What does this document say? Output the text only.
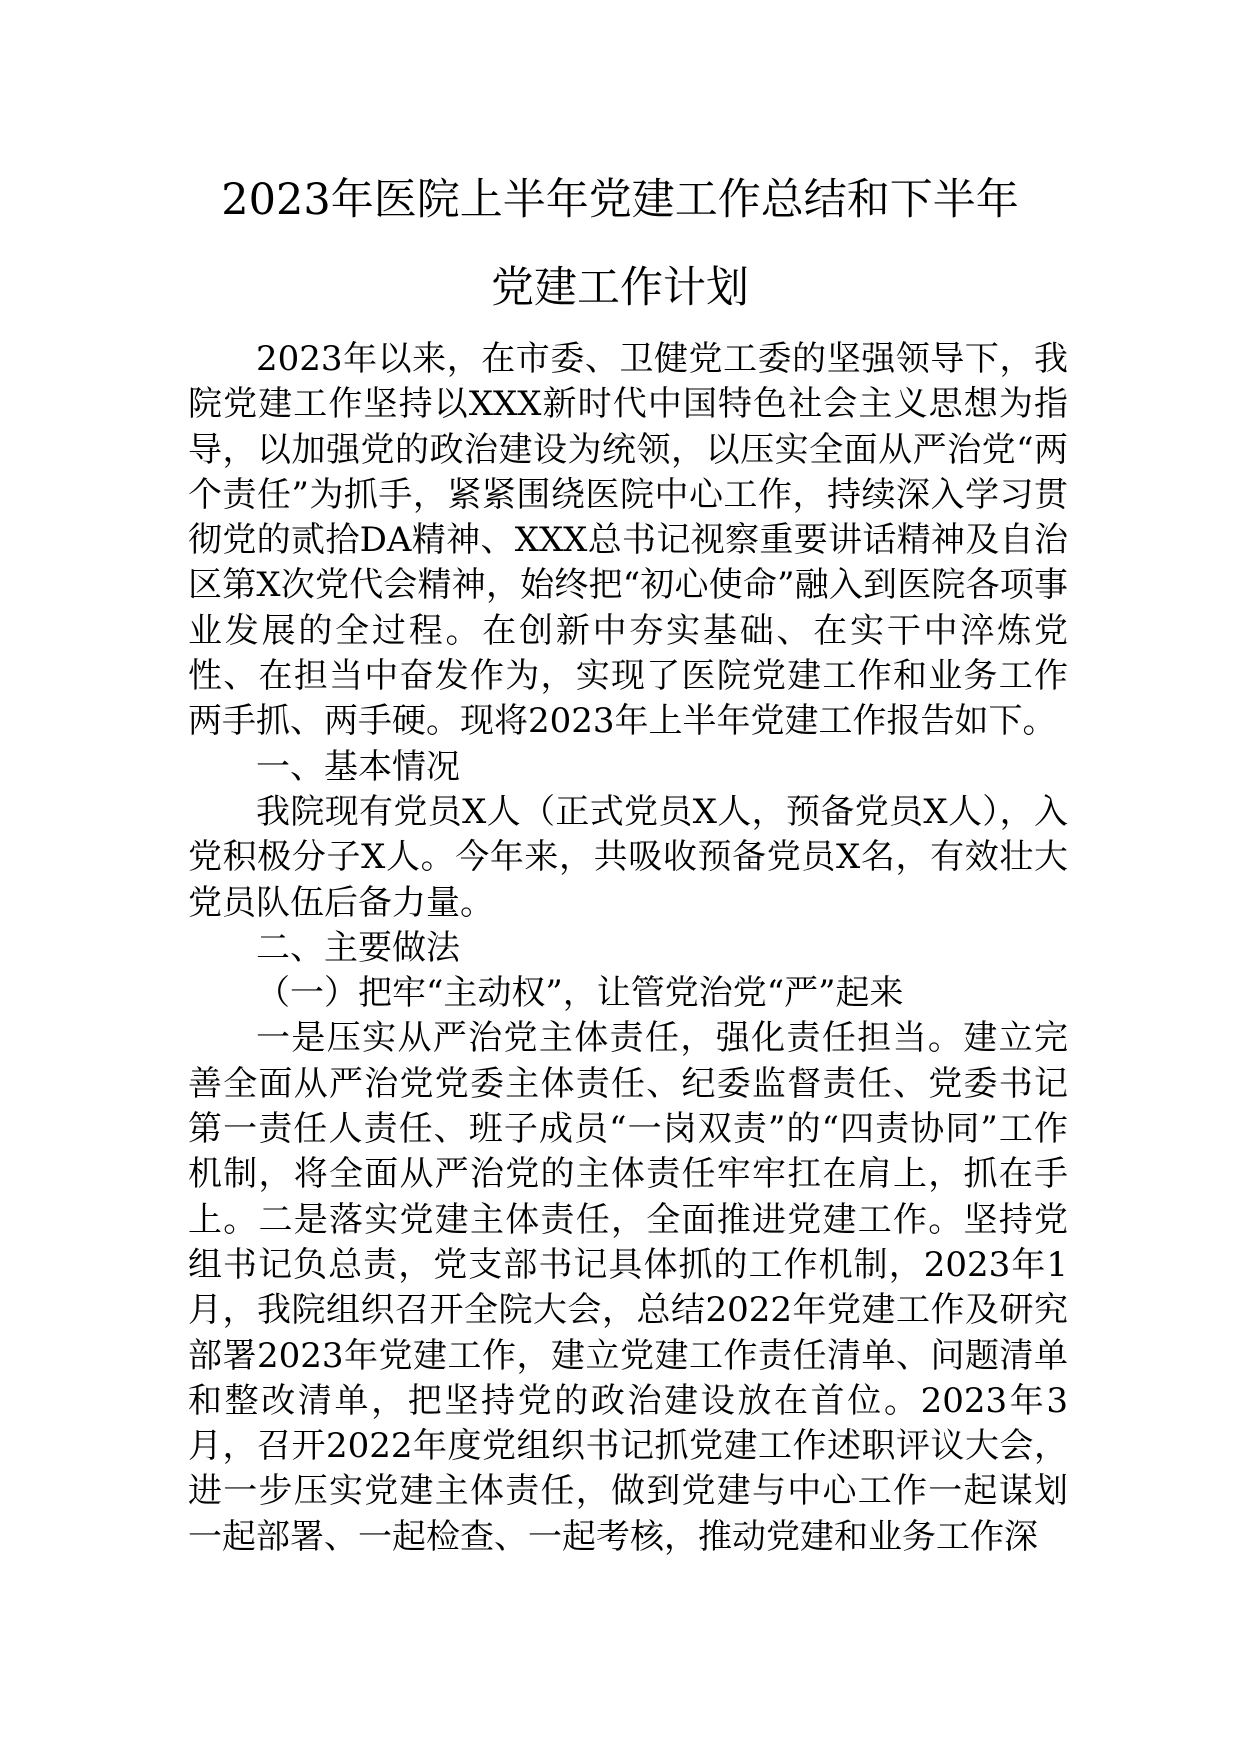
2023年医院上半年党建工作总结和下半年
党建工作计划

2023年以来，在市委、卫健党工委的坚强领导下，我院党建工作坚持以XXX新时代中国特色社会主义思想为指导，以加强党的政治建设为统领，以压实全面从严治党“两个责任”为抓手，紧紧围绕医院中心工作，持续深入学习贯彻党的贰拾DA精神、XXX总书记视察重要讲话精神及自治区第X次党代会精神，始终把“初心使命”融入到医院各项事业发展的全过程。在创新中夯实基础、在实干中淬炼党性、在担当中奋发作为，实现了医院党建工作和业务工作两手抓、两手硬。现将2023年上半年党建工作报告如下。

一、基本情况

我院现有党员X人（正式党员X人，预备党员X人），入党积极分子X人。今年来，共吸收预备党员X名，有效壮大党员队伍后备力量。

二、主要做法

（一）把牢“主动权”，让管党治党“严”起来

一是压实从严治党主体责任，强化责任担当。建立完善全面从严治党党委主体责任、纪委监督责任、党委书记第一责任人责任、班子成员“一岗双责”的“四责协同”工作机制，将全面从严治党的主体责任牢牢扛在肩上，抓在手上。二是落实党建主体责任，全面推进党建工作。坚持党组书记负总责，党支部书记具体抓的工作机制，2023年1月，我院组织召开全院大会，总结2022年党建工作及研究部署2023年党建工作，建立党建工作责任清单、问题清单和整改清单，把坚持党的政治建设放在首位。2023年3月，召开2022年度党组织书记抓党建工作述职评议大会，进一步压实党建主体责任，做到党建与中心工作一起谋划一起部署、一起检查、一起考核，推动党建和业务工作深
